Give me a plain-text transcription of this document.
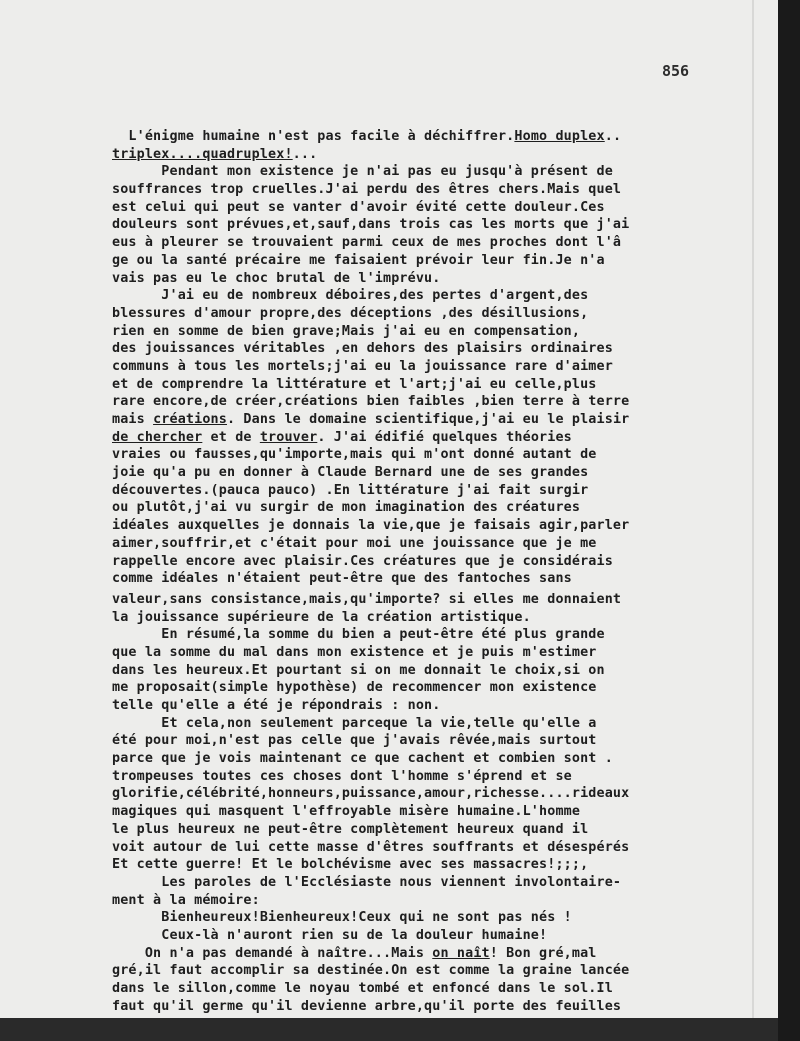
856
L'énigme humaine n'est pas facile à déchiffrer.Homo duplex..
triplex....quadruplex!...
Pendant mon existence je n'ai pas eu jusqu'à présent de
souffrances trop cruelles.J'ai perdu des êtres chers.Mais quel
est celui qui peut se vanter d'avoir évité cette douleur.Ces
douleurs sont prévues,et,sauf,dans trois cas les morts que j'ai
eus à pleurer se trouvaient parmi ceux de mes proches dont l'â
ge ou la santé précaire me faisaient prévoir leur fin.Je n'a
vais pas eu le choc brutal de l'imprévu.
J'ai eu de nombreux déboires,des pertes d'argent,des
blessures d'amour propre,des déceptions ,des désillusions,
rien en somme de bien grave;Mais j'ai eu en compensation,
des jouissances véritables ,en dehors des plaisirs ordinaires
communs à tous les mortels;j'ai eu la jouissance rare d'aimer
et de comprendre la littérature et l'art;j'ai eu celle,plus
rare encore,de créer,créations bien faibles ,bien terre à terre
mais créations. Dans le domaine scientifique,j'ai eu le plaisir
de chercher et de trouver. J'ai édifié quelques théories
vraies ou fausses,qu'importe,mais qui m'ont donné autant de
joie qu'a pu en donner à Claude Bernard une de ses grandes
découvertes.(pauca pauco) .En littérature j'ai fait surgir
ou plutôt,j'ai vu surgir de mon imagination des créatures
idéales auxquelles je donnais la vie,que je faisais agir,parler
aimer,souffrir,et c'était pour moi une jouissance que je me
rappelle encore avec plaisir.Ces créatures que je considérais
comme idéales n'étaient peut-être que des fantoches sans
valeur,sans consistance,mais,qu'importe? si elles me donnaient
la jouissance supérieure de la création artistique.
En résumé,la somme du bien a peut-être été plus grande
que la somme du mal dans mon existence et je puis m'estimer
dans les heureux.Et pourtant si on me donnait le choix,si on
me proposait(simple hypothèse) de recommencer mon existence
telle qu'elle a été je répondrais : non.
Et cela,non seulement parceque la vie,telle qu'elle a
été pour moi,n'est pas celle que j'avais rêvée,mais surtout
parce que je vois maintenant ce que cachent et combien sont .
trompeuses toutes ces choses dont l'homme s'éprend et se
glorifie,célébrité,honneurs,puissance,amour,richesse....rideaux
magiques qui masquent l'effroyable misère humaine.L'homme
le plus heureux ne peut-être complètement heureux quand il
voit autour de lui cette masse d'êtres souffrants et désespérés
Et cette guerre! Et le bolchévisme avec ses massacres!;;;,
Les paroles de l'Ecclésiaste nous viennent involontaire-
ment à la mémoire:
Bienheureux!Bienheureux!Ceux qui ne sont pas nés !
Ceux-là n'auront rien su de la douleur humaine!
On n'a pas demandé à naître...Mais on naît! Bon gré,mal
gré,il faut accomplir sa destinée.On est comme la graine lancée
dans le sillon,comme le noyau tombé et enfoncé dans le sol.Il
faut qu'il germe qu'il devienne arbre,qu'il porte des feuilles
